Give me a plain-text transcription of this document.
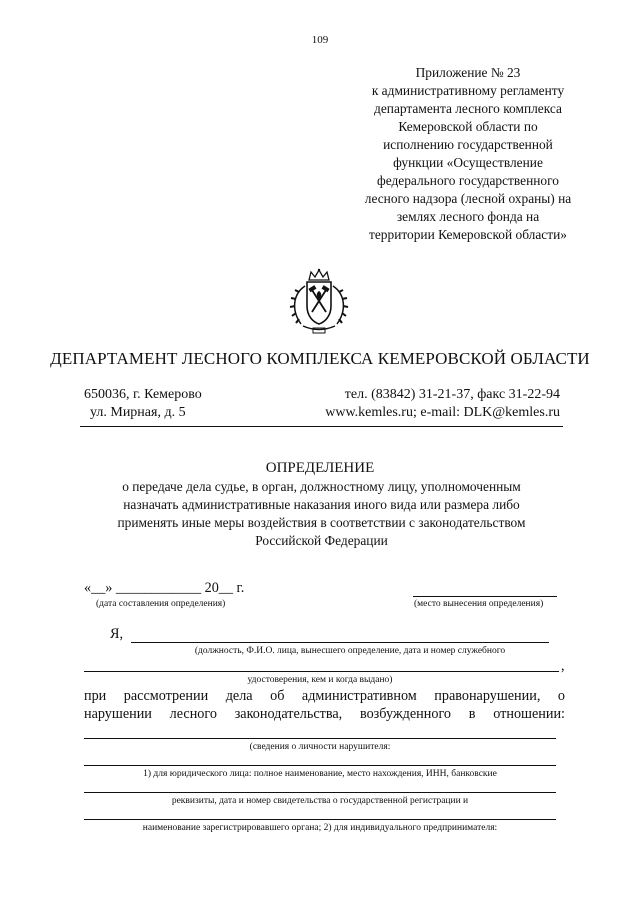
109
Приложение № 23
к административному регламенту
департамента лесного комплекса
Кемеровской области по
исполнению государственной
функции «Осуществление
федерального государственного
лесного надзора (лесной охраны) на
землях лесного фонда на
территории Кемеровской области»
ДЕПАРТАМЕНТ ЛЕСНОГО КОМПЛЕКСА КЕМЕРОВСКОЙ ОБЛАСТИ
650036, г. Кемерово
ул. Мирная, д. 5
тел. (83842) 31-21-37, факс 31-22-94
www.kemles.ru; e-mail: DLK@kemles.ru
ОПРЕДЕЛЕНИЕ
о передаче дела судье, в орган, должностному лицу, уполномоченным
назначать административные наказания иного вида или размера либо
применять иные меры воздействия в соответствии с законодательством
Российской Федерации
«__» ____________ 20__ г.
(дата составления определения)	(место вынесения определения)
Я,
(должность, Ф.И.О. лица, вынесшего определение, дата и номер служебного
,
удостоверения, кем и когда выдано)
при рассмотрении дела об административном правонарушении, о
нарушении лесного законодательства, возбужденного в отношении:
(сведения о личности нарушителя:
1) для юридического лица: полное наименование, место нахождения, ИНН, банковские
реквизиты, дата и номер свидетельства о государственной регистрации и
наименование зарегистрировавшего органа; 2) для индивидуального предпринимателя:
